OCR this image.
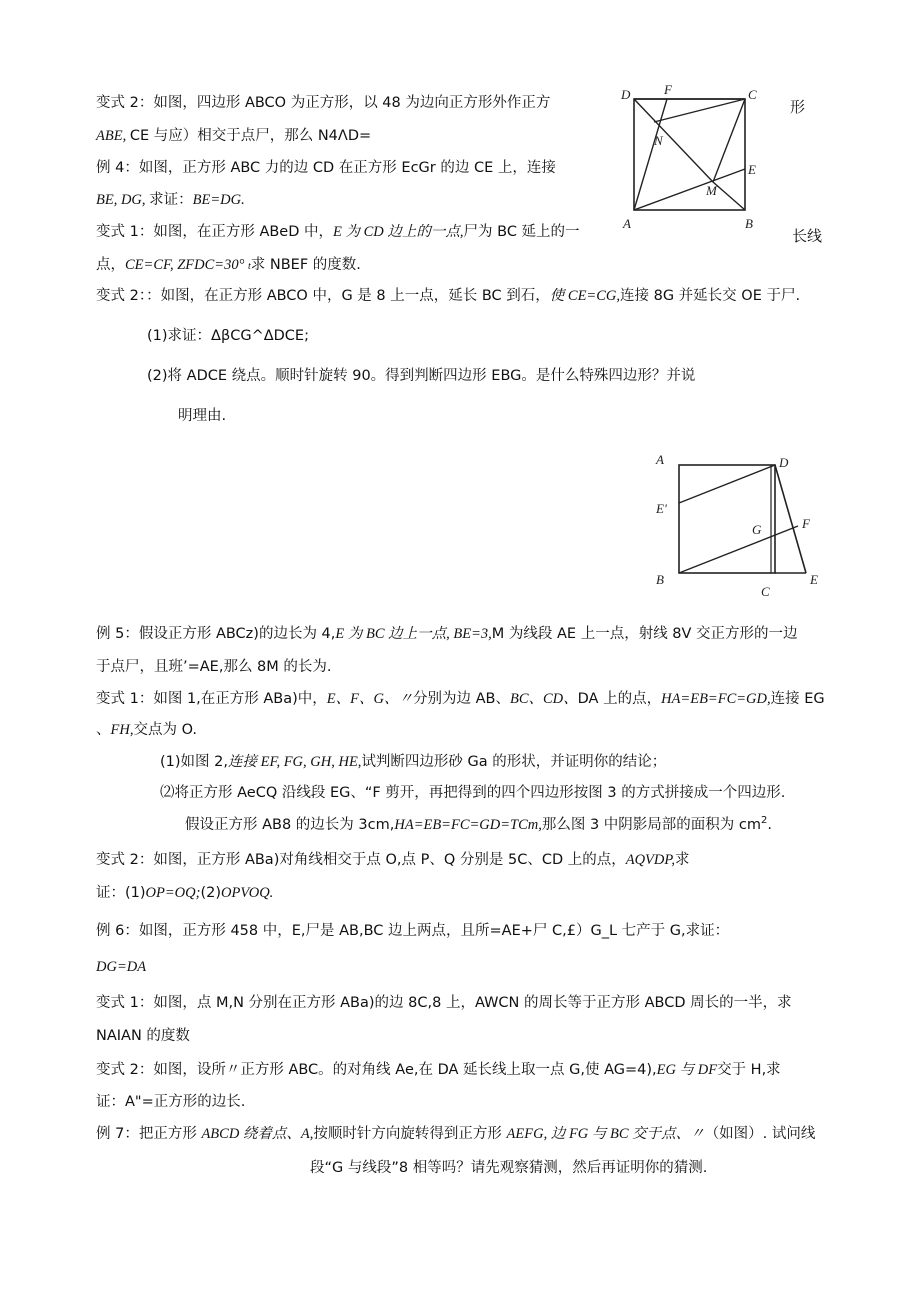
形
长线
D	F	C
N
E
M
A	B
A	D
E'
G	F
B
C
E
变式 2：如图，四边形 ABCO 为正方形，以 48 为边向正方形外作正方
ABE, CE 与应）相交于点尸，那么 N4ΛD=
例 4：如图，正方形 ABC 力的边 CD 在正方形 EcGr 的边 CE 上，连接
BE, DG, 求证：BE=DG.
变式 1：如图，在正方形 ABeD 中，E 为 CD 边上的一点,尸为 BC 延上的一
点，CE=CF, ZFDC=30° t求 NBEF 的度数.
变式 2：：如图，在正方形 ABCO 中，G 是 8 上一点，延长 BC 到石，使 CE=CG,连接 8G 并延长交 OE 于尸.
(1)求证：ΔβCG^ΔDCE;
(2)将 ADCE 绕点。顺时针旋转 90。得到判断四边形 EBG。是什么特殊四边形？并说
明理由.
例 5：假设正方形 ABCz)的边长为 4,E 为 BC 边上一点, BE=3,M 为线段 AE 上一点，射线 8V 交正方形的一边
于点尸，且班’=AE,那么 8M 的长为.
变式 1：如图 1,在正方形 ABa)中，E、F、G、〃分别为边 AB、BC、CD、DA 上的点，HA=EB=FC=GD,连接 EG
、FH,交点为 O.
(1)如图 2,连接 EF, FG, GH, HE,试判断四边形砂 Ga 的形状，并证明你的结论；
⑵将正方形 AeCQ 沿线段 EG、“F 剪开，再把得到的四个四边形按图 3 的方式拼接成一个四边形.
假设正方形 AB8 的边长为 3cm,HA=EB=FC=GD=TCm,那么图 3 中阴影局部的面积为 $cm^2$.
变式 2：如图，正方形 ABa)对角线相交于点 O,点 P、Q 分别是 5C、CD 上的点，AQVDP,求
证：(1)OP=OQ;(2)OPVOQ.
例 6：如图，正方形 458 中，E,尸是 AB,BC 边上两点，且所=AE+尸 C,£）G_L 七产于 G,求证：
DG=DA
变式 1：如图，点 M,N 分别在正方形 ABa)的边 8C,8 上，AWCN 的周长等于正方形 ABCD 周长的一半，求
NAIAN 的度数
变式 2：如图，设所〃正方形 ABC。的对角线 Ae,在 DA 延长线上取一点 G,使 AG=4),EG 与 DF交于 H,求
证：A"=正方形的边长.
例 7：把正方形 ABCD 绕着点、A,按顺时针方向旋转得到正方形 AEFG, 边 FG 与 BC 交于点、〃（如图）. 试问线
段“G 与线段”8 相等吗？请先观察猜测，然后再证明你的猜测.
